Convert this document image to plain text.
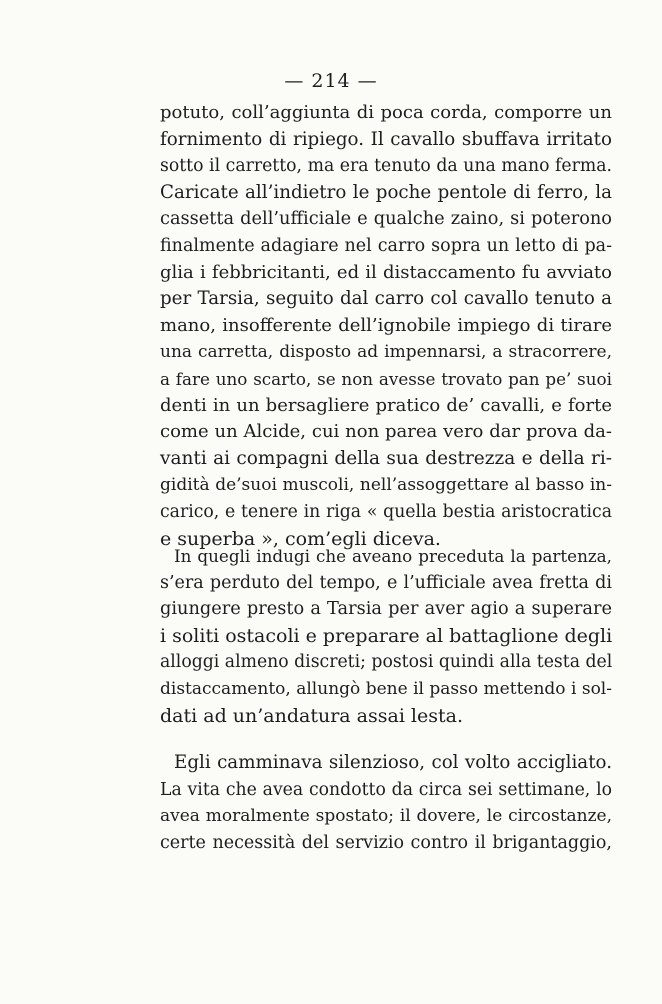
— 214 —
potuto, coll’aggiunta di poca corda, comporre un
fornimento di ripiego. Il cavallo sbuffava irritato
sotto il carretto, ma era tenuto da una mano ferma.
Caricate all’indietro le poche pentole di ferro, la
cassetta dell’ufficiale e qualche zaino, si poterono
finalmente adagiare nel carro sopra un letto di pa-
glia i febbricitanti, ed il distaccamento fu avviato
per Tarsia, seguito dal carro col cavallo tenuto a
mano, insofferente dell’ignobile impiego di tirare
una carretta, disposto ad impennarsi, a stracorrere,
a fare uno scarto, se non avesse trovato pan pe’ suoi
denti in un bersagliere pratico de’ cavalli, e forte
come un Alcide, cui non parea vero dar prova da-
vanti ai compagni della sua destrezza e della ri-
gidità de’suoi muscoli, nell’assoggettare al basso in-
carico, e tenere in riga « quella bestia aristocratica
e superba », com’egli diceva.
In quegli indugi che aveano preceduta la partenza,
s’era perduto del tempo, e l’ufficiale avea fretta di
giungere presto a Tarsia per aver agio a superare
i soliti ostacoli e preparare al battaglione degli
alloggi almeno discreti; postosi quindi alla testa del
distaccamento, allungò bene il passo mettendo i sol-
dati ad un’andatura assai lesta.
Egli camminava silenzioso, col volto accigliato.
La vita che avea condotto da circa sei settimane, lo
avea moralmente spostato; il dovere, le circostanze,
certe necessità del servizio contro il brigantaggio,
